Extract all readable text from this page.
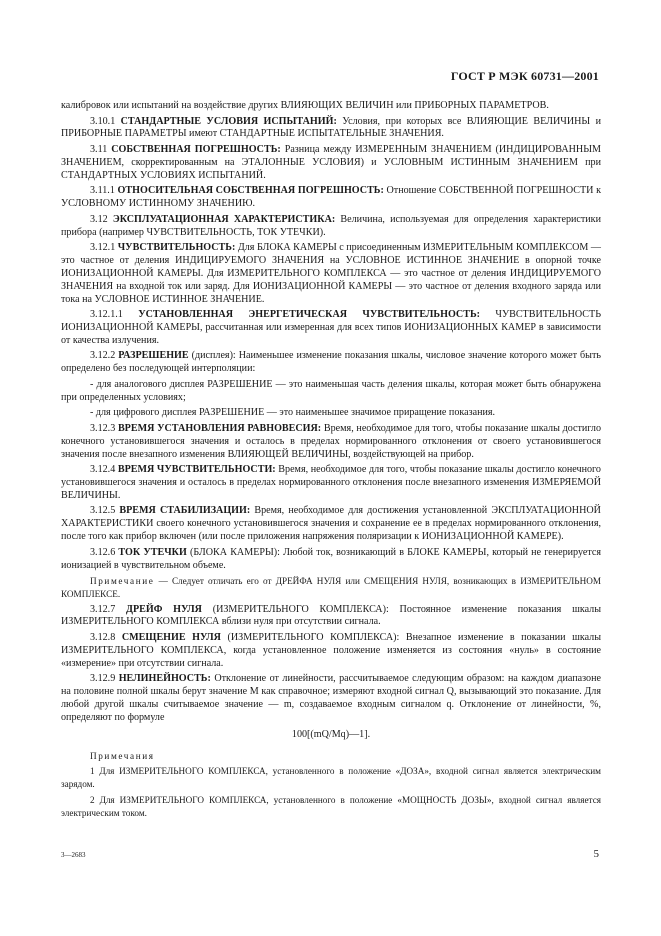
ГОСТ Р МЭК 60731—2001

калибровок или испытаний на воздействие других ВЛИЯЮЩИХ ВЕЛИЧИН или ПРИБОРНЫХ ПАРАМЕТРОВ.

3.10.1 СТАНДАРТНЫЕ УСЛОВИЯ ИСПЫТАНИЙ: Условия, при которых все ВЛИЯЮЩИЕ ВЕЛИЧИНЫ и ПРИБОРНЫЕ ПАРАМЕТРЫ имеют СТАНДАРТНЫЕ ИСПЫТАТЕЛЬНЫЕ ЗНАЧЕНИЯ.

3.11 СОБСТВЕННАЯ ПОГРЕШНОСТЬ: Разница между ИЗМЕРЕННЫМ ЗНАЧЕНИЕМ (ИНДИЦИРОВАННЫМ ЗНАЧЕНИЕМ, скорректированным на ЭТАЛОННЫЕ УСЛОВИЯ) и УСЛОВНЫМ ИСТИННЫМ ЗНАЧЕНИЕМ при СТАНДАРТНЫХ УСЛОВИЯХ ИСПЫТАНИЙ.

3.11.1 ОТНОСИТЕЛЬНАЯ СОБСТВЕННАЯ ПОГРЕШНОСТЬ: Отношение СОБСТВЕННОЙ ПОГРЕШНОСТИ к УСЛОВНОМУ ИСТИННОМУ ЗНАЧЕНИЮ.

3.12 ЭКСПЛУАТАЦИОННАЯ ХАРАКТЕРИСТИКА: Величина, используемая для определения характеристики прибора (например ЧУВСТВИТЕЛЬНОСТЬ, ТОК УТЕЧКИ).

3.12.1 ЧУВСТВИТЕЛЬНОСТЬ: Для БЛОКА КАМЕРЫ с присоединенным ИЗМЕРИТЕЛЬНЫМ КОМПЛЕКСОМ — это частное от деления ИНДИЦИРУЕМОГО ЗНАЧЕНИЯ на УСЛОВНОЕ ИСТИННОЕ ЗНАЧЕНИЕ в опорной точке ИОНИЗАЦИОННОЙ КАМЕРЫ. Для ИЗМЕРИТЕЛЬНОГО КОМПЛЕКСА — это частное от деления ИНДИЦИРУЕМОГО ЗНАЧЕНИЯ на входной ток или заряд. Для ИОНИЗАЦИОННОЙ КАМЕРЫ — это частное от деления входного заряда или тока на УСЛОВНОЕ ИСТИННОЕ ЗНАЧЕНИЕ.

3.12.1.1 УСТАНОВЛЕННАЯ ЭНЕРГЕТИЧЕСКАЯ ЧУВСТВИТЕЛЬНОСТЬ: ЧУВСТВИТЕЛЬНОСТЬ ИОНИЗАЦИОННОЙ КАМЕРЫ, рассчитанная или измеренная для всех типов ИОНИЗАЦИОННЫХ КАМЕР в зависимости от качества излучения.

3.12.2 РАЗРЕШЕНИЕ (дисплея): Наименьшее изменение показания шкалы, числовое значение которого может быть определено без последующей интерполяции:

- для аналогового дисплея РАЗРЕШЕНИЕ — это наименьшая часть деления шкалы, которая может быть обнаружена при определенных условиях;

- для цифрового дисплея РАЗРЕШЕНИЕ — это наименьшее значимое приращение показания.

3.12.3 ВРЕМЯ УСТАНОВЛЕНИЯ РАВНОВЕСИЯ: Время, необходимое для того, чтобы показание шкалы достигло конечного установившегося значения и осталось в пределах нормированного отклонения от своего установившегося значения после внезапного изменения ВЛИЯЮЩЕЙ ВЕЛИЧИНЫ, воздействующей на прибор.

3.12.4 ВРЕМЯ ЧУВСТВИТЕЛЬНОСТИ: Время, необходимое для того, чтобы показание шкалы достигло конечного установившегося значения и осталось в пределах нормированного отклонения после внезапного изменения ИЗМЕРЯЕМОЙ ВЕЛИЧИНЫ.

3.12.5 ВРЕМЯ СТАБИЛИЗАЦИИ: Время, необходимое для достижения установленной ЭКСПЛУАТАЦИОННОЙ ХАРАКТЕРИСТИКИ своего конечного установившегося значения и сохранение ее в пределах нормированного отклонения, после того как прибор включен (или после приложения напряжения поляризации к ИОНИЗАЦИОННОЙ КАМЕРЕ).

3.12.6 ТОК УТЕЧКИ (БЛОКА КАМЕРЫ): Любой ток, возникающий в БЛОКЕ КАМЕРЫ, который не генерируется ионизацией в чувствительном объеме.

Примечание — Следует отличать его от ДРЕЙФА НУЛЯ или СМЕЩЕНИЯ НУЛЯ, возникающих в ИЗМЕРИТЕЛЬНОМ КОМПЛЕКСЕ.

3.12.7 ДРЕЙФ НУЛЯ (ИЗМЕРИТЕЛЬНОГО КОМПЛЕКСА): Постоянное изменение показания шкалы ИЗМЕРИТЕЛЬНОГО КОМПЛЕКСА вблизи нуля при отсутствии сигнала.

3.12.8 СМЕЩЕНИЕ НУЛЯ (ИЗМЕРИТЕЛЬНОГО КОМПЛЕКСА): Внезапное изменение в показании шкалы ИЗМЕРИТЕЛЬНОГО КОМПЛЕКСА, когда установленное положение изменяется из состояния «нуль» в состояние «измерение» при отсутствии сигнала.

3.12.9 НЕЛИНЕЙНОСТЬ: Отклонение от линейности, рассчитываемое следующим образом: на каждом диапазоне на половине полной шкалы берут значение M как справочное; измеряют входной сигнал Q, вызывающий это показание. Для любой другой шкалы считываемое значение — m, создаваемое входным сигналом q. Отклонение от линейности, %, определяют по формуле

100[(mQ/Mq)—1].

Примечания

1 Для ИЗМЕРИТЕЛЬНОГО КОМПЛЕКСА, установленного в положение «ДОЗА», входной сигнал является электрическим зарядом.

2 Для ИЗМЕРИТЕЛЬНОГО КОМПЛЕКСА, установленного в положение «МОЩНОСТЬ ДОЗЫ», входной сигнал является электрическим током.

3—2683	5
